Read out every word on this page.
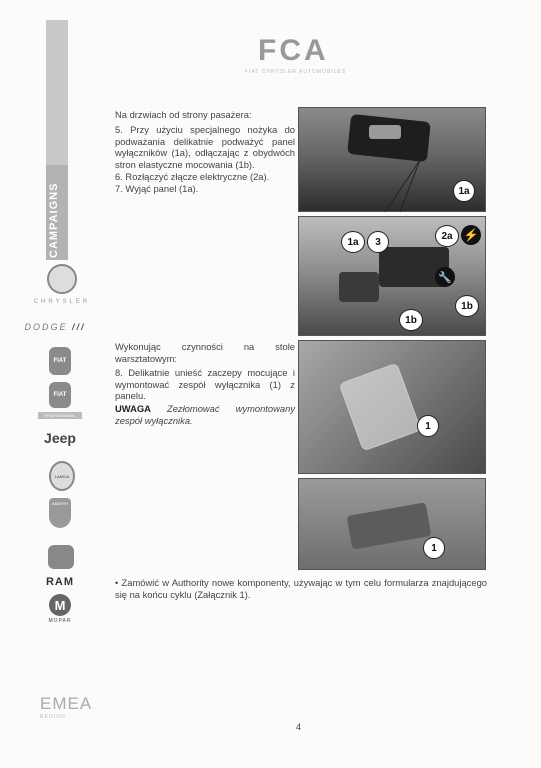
FCA
FIAT CHRYSLER AUTOMOBILES
CAMPAIGNS
CHRYSLER
DODGE ///
FIAT
FIAT
PROFESSIONAL
Jeep
LANCIA
ABARTH
RAM
M
MOPAR
Na drzwiach od strony pasażera:
5. Przy użyciu specjalnego nożyka do podważania delikatnie podważyć panel wyłączników (1a), odłączając z obydwóch stron elastyczne mocowania (1b).
6. Rozłączyć złącze elektryczne (2a).
7. Wyjąć panel (1a).	1a
1a	3
2a ⚡
🔧
1b
1b
Wykonując czynności na stole warsztatowym:
8. Delikatnie unieść zaczepy mocujące i wymontować zespół wyłącznika (1) z panelu.
UWAGA Zezłomować wymontowany zespół wyłącznika.
1
1
• Zamówić w Authority nowe komponenty, używając w tym celu formularza znajdującego się na końcu cyklu (Załącznik 1).
EMEA
REGION
4
